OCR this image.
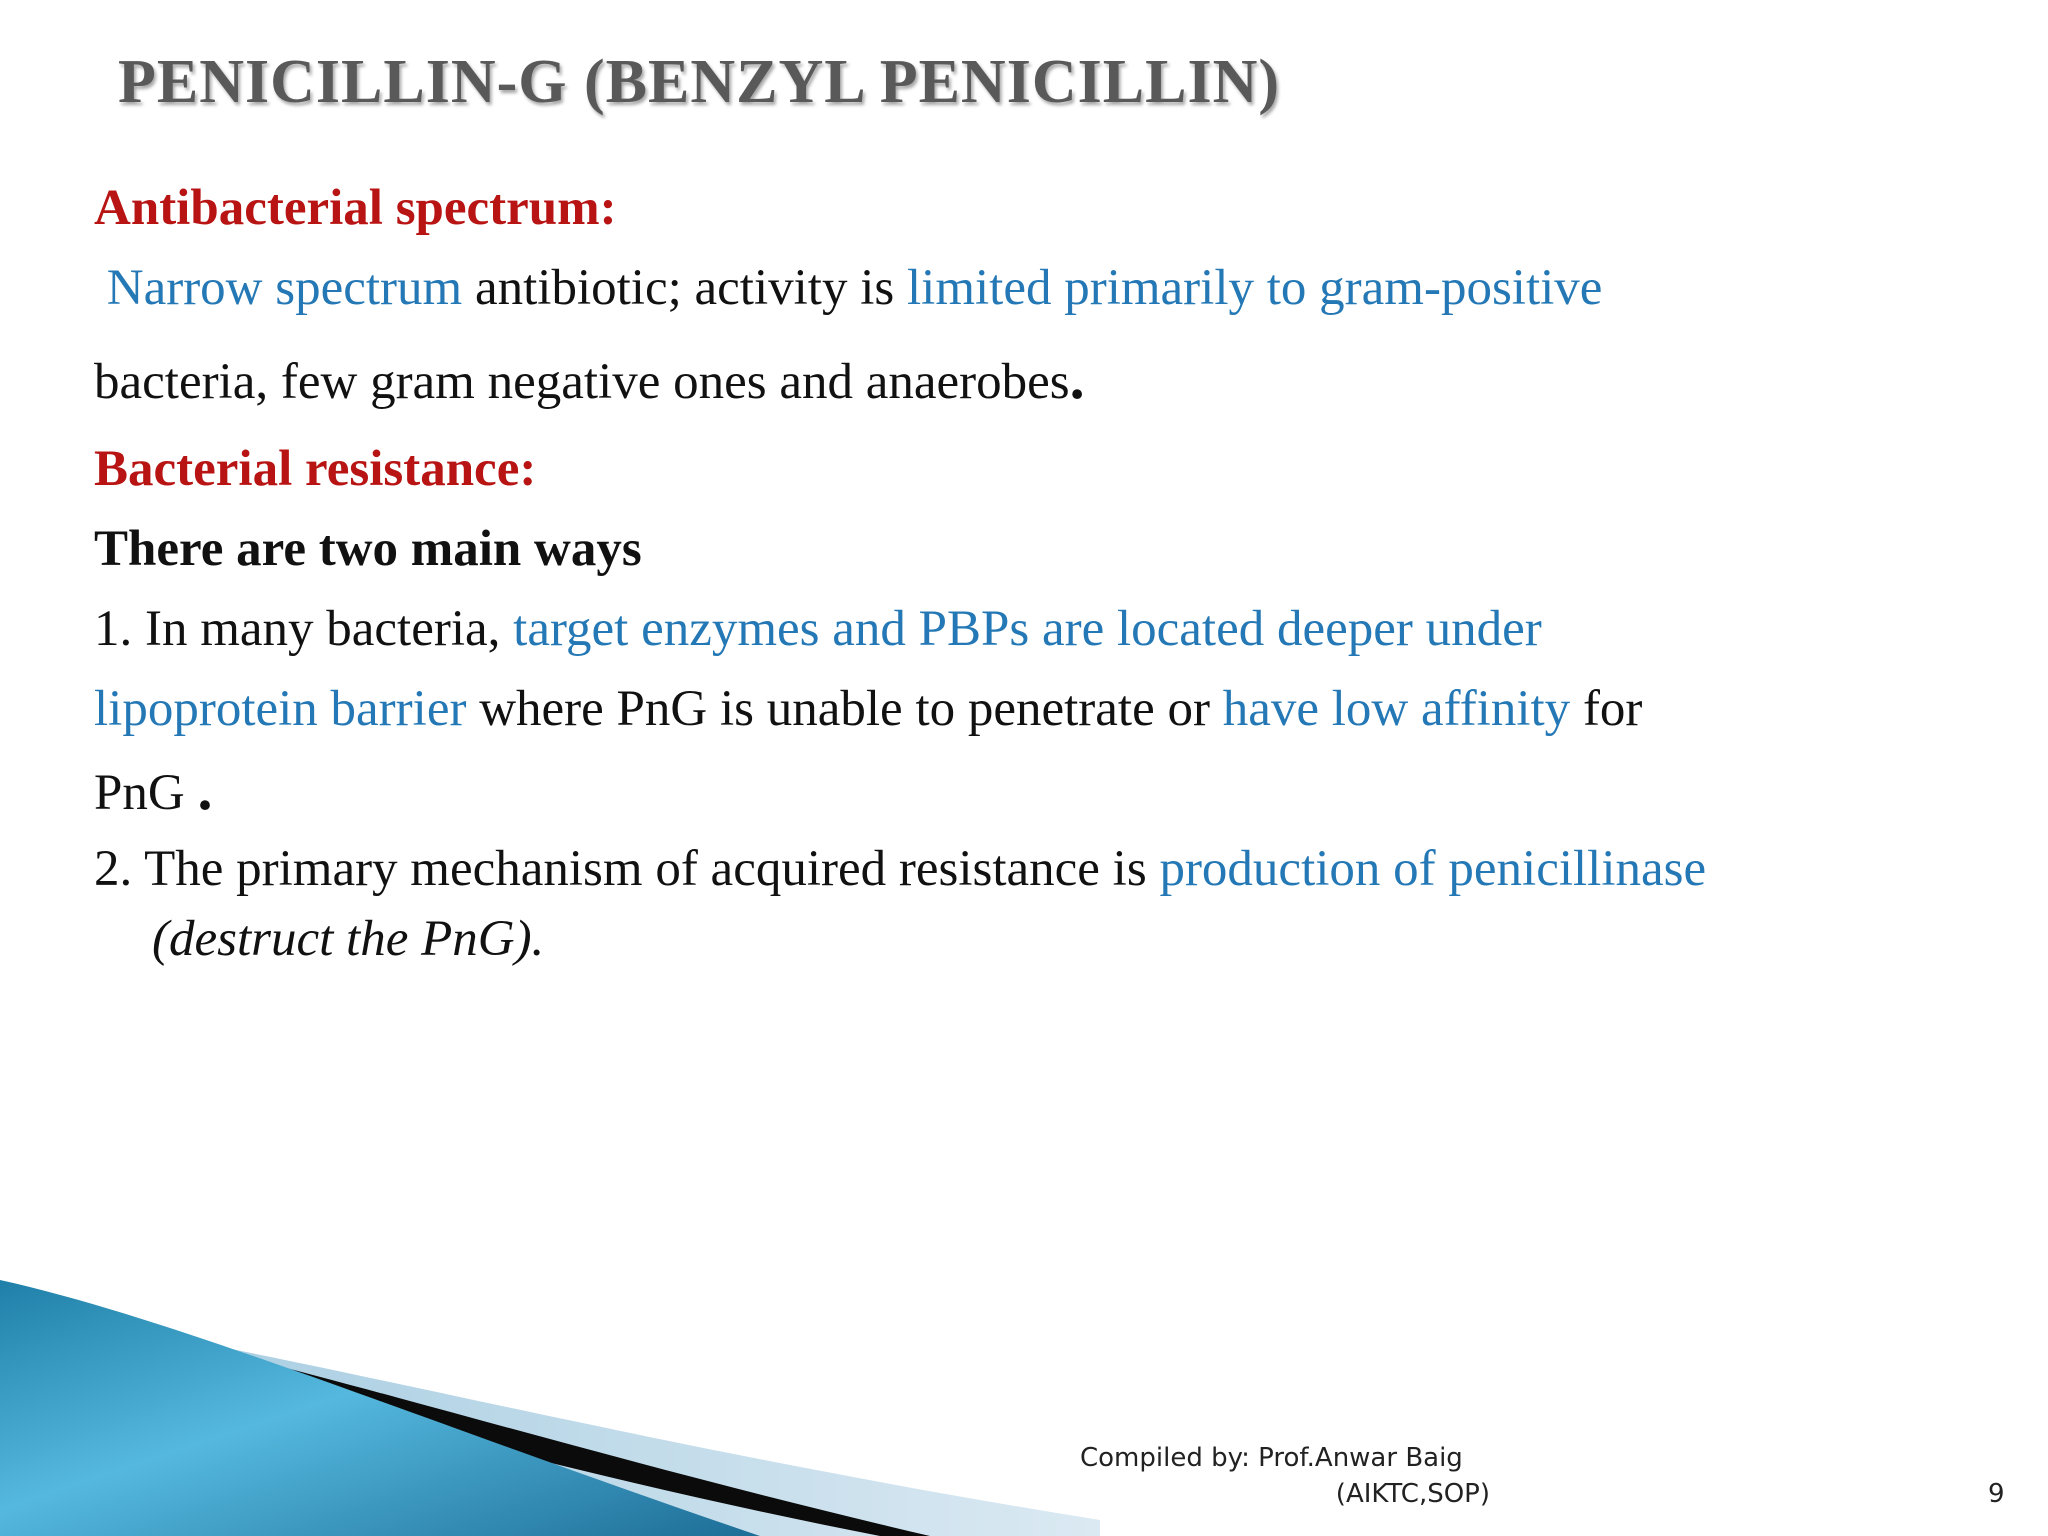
PENICILLIN-G (BENZYL PENICILLIN)

Antibacterial spectrum:

Narrow spectrum antibiotic; activity is limited primarily to gram-positive

bacteria, few gram negative ones and anaerobes.

Bacterial resistance:

There are two main ways

1. In many bacteria, target enzymes and PBPs are located deeper under

lipoprotein barrier where PnG is unable to penetrate or have low affinity for

PnG .

2. The primary mechanism of acquired resistance is production of penicillinase

(destruct the PnG).

Compiled by: Prof.Anwar Baig
(AIKTC,SOP)	9
